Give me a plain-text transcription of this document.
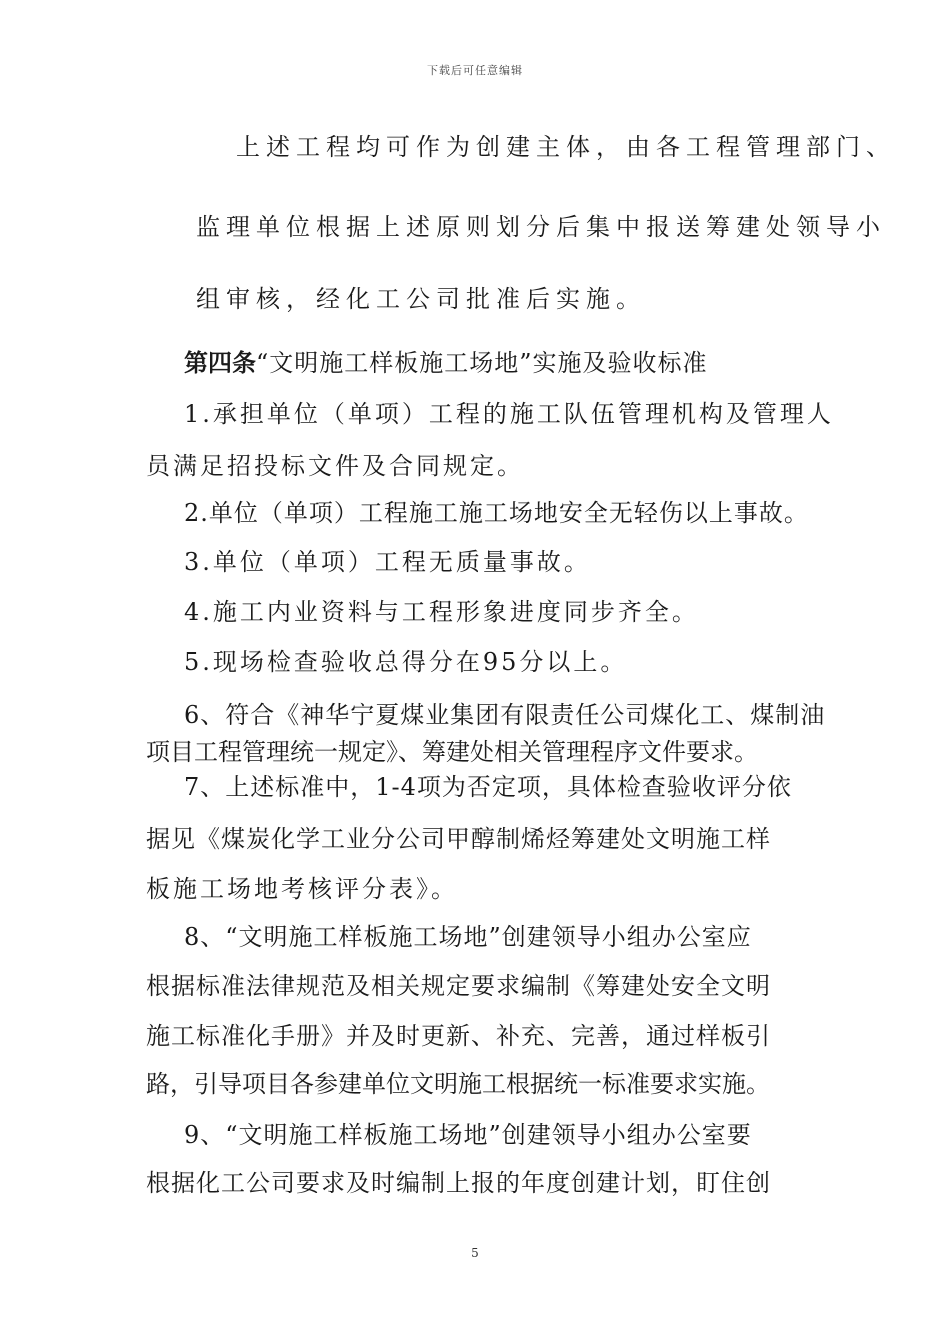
下载后可任意编辑
上述工程均可作为创建主体，由各工程管理部门、
监理单位根据上述原则划分后集中报送筹建处领导小
组审核，经化工公司批准后实施。
第四条“文明施工样板施工场地”实施及验收标准
1.承担单位（单项）工程的施工队伍管理机构及管理人
员满足招投标文件及合同规定。
2.单位（单项）工程施工施工场地安全无轻伤以上事故。
3.单位（单项）工程无质量事故。
4.施工内业资料与工程形象进度同步齐全。
5.现场检查验收总得分在95分以上。
6、符合《神华宁夏煤业集团有限责任公司煤化工、煤制油
项目工程管理统一规定》、筹建处相关管理程序文件要求。
7、上述标准中，1-4项为否定项，具体检查验收评分依
据见《煤炭化学工业分公司甲醇制烯烃筹建处文明施工样
板施工场地考核评分表》。
8、“文明施工样板施工场地”创建领导小组办公室应
根据标准法律规范及相关规定要求编制《筹建处安全文明
施工标准化手册》并及时更新、补充、完善，通过样板引
路，引导项目各参建单位文明施工根据统一标准要求实施。
9、“文明施工样板施工场地”创建领导小组办公室要
根据化工公司要求及时编制上报的年度创建计划，盯住创
5
